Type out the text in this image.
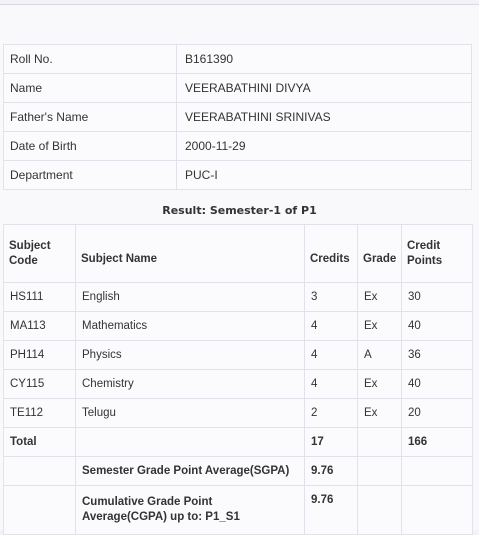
Roll No.	B161390
Name	VEERABATHINI DIVYA
Father's Name	VEERABATHINI SRINIVAS
Date of Birth	2000-11-29
Department	PUC-I
Result: Semester-1 of P1
Subject Code	Subject Name	Credits	Grade	Credit Points
HS111	English	3	Ex	30
MA113	Mathematics	4	Ex	40
PH114	Physics	4	A	36
CY115	Chemistry	4	Ex	40
TE112	Telugu	2	Ex	20
Total		17		166
	Semester Grade Point Average(SGPA)	9.76		
	Cumulative Grade Point Average(CGPA) up to: P1_S1	9.76		
